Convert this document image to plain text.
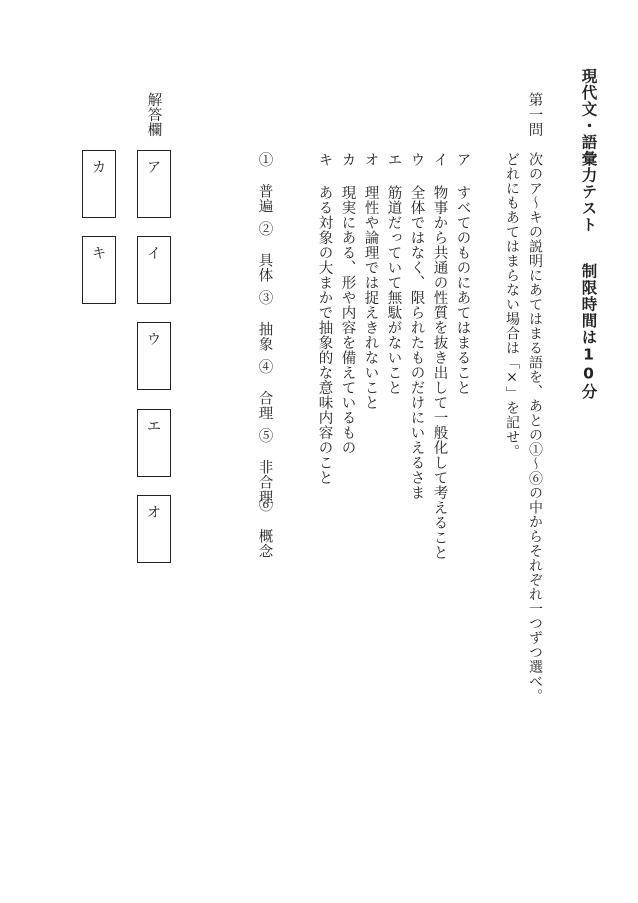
現代文・語彙力テスト
制限時間は10分
第一問
次のア〜キの説明にあてはまる語を、あとの①〜⑥の中からそれぞれ一つずつ選べ。
どれにもあてはまらない場合は「×」を記せ。
アすべてのものにあてはまること
イ物事から共通の性質を抜き出して一般化して考えること
ウ全体ではなく、限られたものだけにいえるさま
エ筋道だっていて無駄がないこと
オ理性や論理では捉えきれないこと
カ現実にある、形や内容を備えているもの
キある対象の大まかで抽象的な意味内容のこと
① 普遍
② 具体
③ 抽象
④ 合理
⑤ 非合理
⑥ 概念
解答欄
ア
イ
ウ
エ
オ
カ
キ
